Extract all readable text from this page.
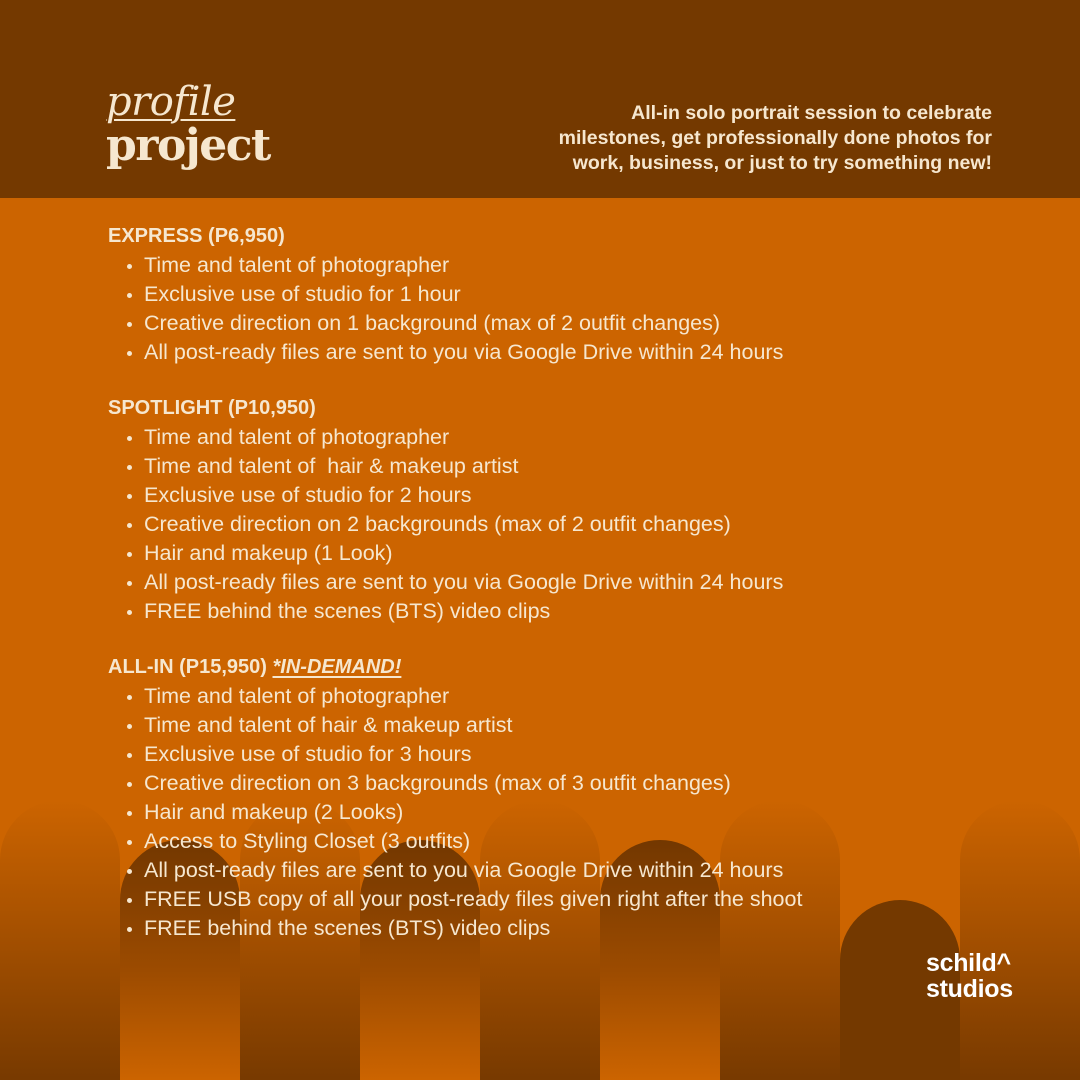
profile
project
All-in solo portrait session to celebrate
milestones, get professionally done photos for
work, business, or just to try something new!
EXPRESS (P6,950)
Time and talent of photographer
Exclusive use of studio for 1 hour
Creative direction on 1 background (max of 2 outfit changes)
All post-ready files are sent to you via Google Drive within 24 hours
SPOTLIGHT (P10,950)
Time and talent of photographer
Time and talent of  hair & makeup artist
Exclusive use of studio for 2 hours
Creative direction on 2 backgrounds (max of 2 outfit changes)
Hair and makeup (1 Look)
All post-ready files are sent to you via Google Drive within 24 hours
FREE behind the scenes (BTS) video clips
ALL-IN (P15,950) *IN-DEMAND!
Time and talent of photographer
Time and talent of hair & makeup artist
Exclusive use of studio for 3 hours
Creative direction on 3 backgrounds (max of 3 outfit changes)
Hair and makeup (2 Looks)
Access to Styling Closet (3 outfits)
All post-ready files are sent to you via Google Drive within 24 hours
FREE USB copy of all your post-ready files given right after the shoot
FREE behind the scenes (BTS) video clips
schild^
studios
